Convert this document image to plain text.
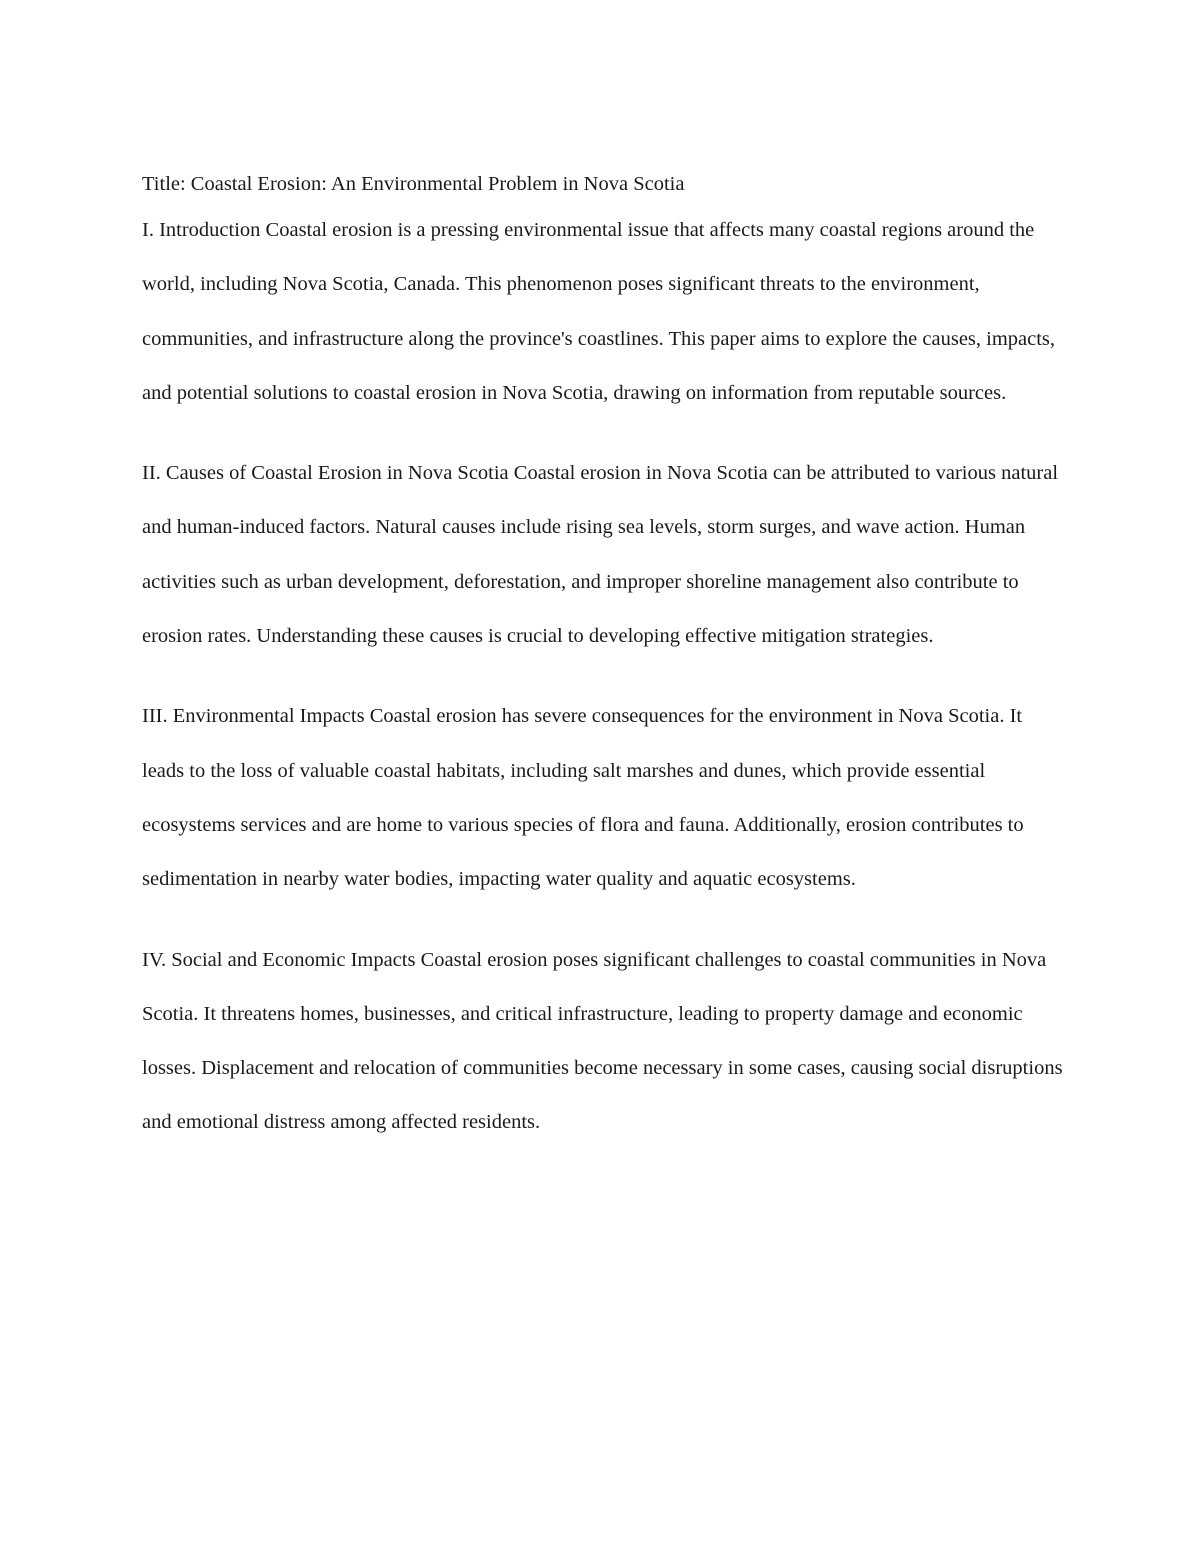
Title: Coastal Erosion: An Environmental Problem in Nova Scotia

I. Introduction Coastal erosion is a pressing environmental issue that affects many coastal regions around the world, including Nova Scotia, Canada. This phenomenon poses significant threats to the environment, communities, and infrastructure along the province's coastlines. This paper aims to explore the causes, impacts, and potential solutions to coastal erosion in Nova Scotia, drawing on information from reputable sources.

II. Causes of Coastal Erosion in Nova Scotia Coastal erosion in Nova Scotia can be attributed to various natural and human-induced factors. Natural causes include rising sea levels, storm surges, and wave action. Human activities such as urban development, deforestation, and improper shoreline management also contribute to erosion rates. Understanding these causes is crucial to developing effective mitigation strategies.

III. Environmental Impacts Coastal erosion has severe consequences for the environment in Nova Scotia. It leads to the loss of valuable coastal habitats, including salt marshes and dunes, which provide essential ecosystems services and are home to various species of flora and fauna. Additionally, erosion contributes to sedimentation in nearby water bodies, impacting water quality and aquatic ecosystems.

IV. Social and Economic Impacts Coastal erosion poses significant challenges to coastal communities in Nova Scotia. It threatens homes, businesses, and critical infrastructure, leading to property damage and economic losses. Displacement and relocation of communities become necessary in some cases, causing social disruptions and emotional distress among affected residents.
